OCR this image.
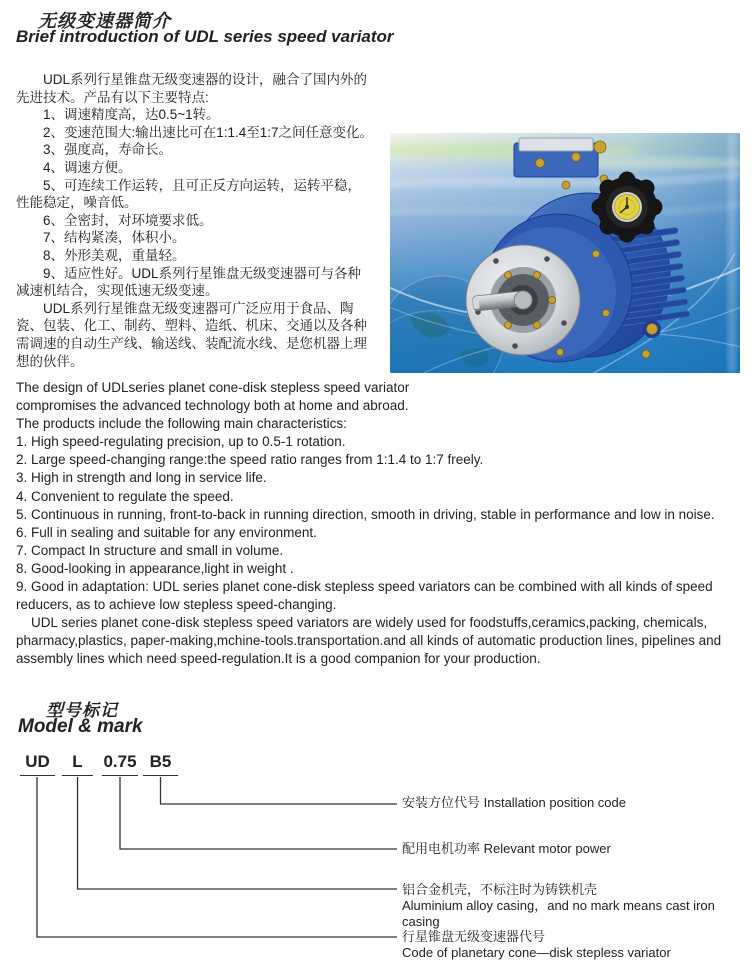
无级变速器简介
Brief introduction of UDL series speed variator
　　UDL系列行星锥盘无级变速器的设计，融合了国内外的
先进技术。产品有以下主要特点:
　　1、调速精度高，达0.5~1转。
　　2、变速范围大:输出速比可在1:1.4至1:7之间任意变化。
　　3、强度高，寿命长。
　　4、调速方便。
　　5、可连续工作运转，且可正反方向运转，运转平稳，
性能稳定，噪音低。
　　6、全密封，对环境要求低。
　　7、结构紧凑，体积小。
　　8、外形美观，重量轻。
　　9、适应性好。UDL系列行星锥盘无级变速器可与各种
减速机结合，实现低速无级变速。
　　UDL系列行星锥盘无级变速器可广泛应用于食品、陶
瓷、包装、化工、制药、塑料、造纸、机床、交通以及各种
需调速的自动生产线、输送线、装配流水线、是您机器上理
想的伙伴。
The design of UDLseries planet cone-disk stepless speed variator
compromises the advanced technology both at home and abroad.
The products include the following main characteristics:
1. High speed-regulating precision, up to 0.5-1 rotation.
2. Large speed-changing range:the speed ratio ranges from 1:1.4 to 1:7 freely.
3. High in strength and long in service life.
4. Convenient to regulate the speed.
5. Continuous in running, front-to-back in running direction, smooth in driving, stable in performance and low in noise.
6. Full in sealing and suitable for any environment.
7. Compact In structure and small in volume.
8. Good-looking in appearance,light in weight .
9. Good in adaptation: UDL series planet cone-disk stepless speed variators can be combined with all kinds of speed
reducers, as to achieve low stepless speed-changing.
UDL series planet cone-disk stepless speed variators are widely used for foodstuffs,ceramics,packing, chemicals,
pharmacy,plastics, paper-making,mchine-tools.transportation.and all kinds of automatic production lines, pipelines and
assembly lines which need speed-regulation.It is a good companion for your production.
型号标记
Model & mark
UD	L	0.75 B5
安装方位代号 Installation position code
配用电机功率 Relevant motor power
铝合金机壳，不标注时为铸铁机壳
Aluminium alloy casing，and no mark means cast iron
casing
行星锥盘无级变速器代号
Code of planetary cone—disk stepless variator
